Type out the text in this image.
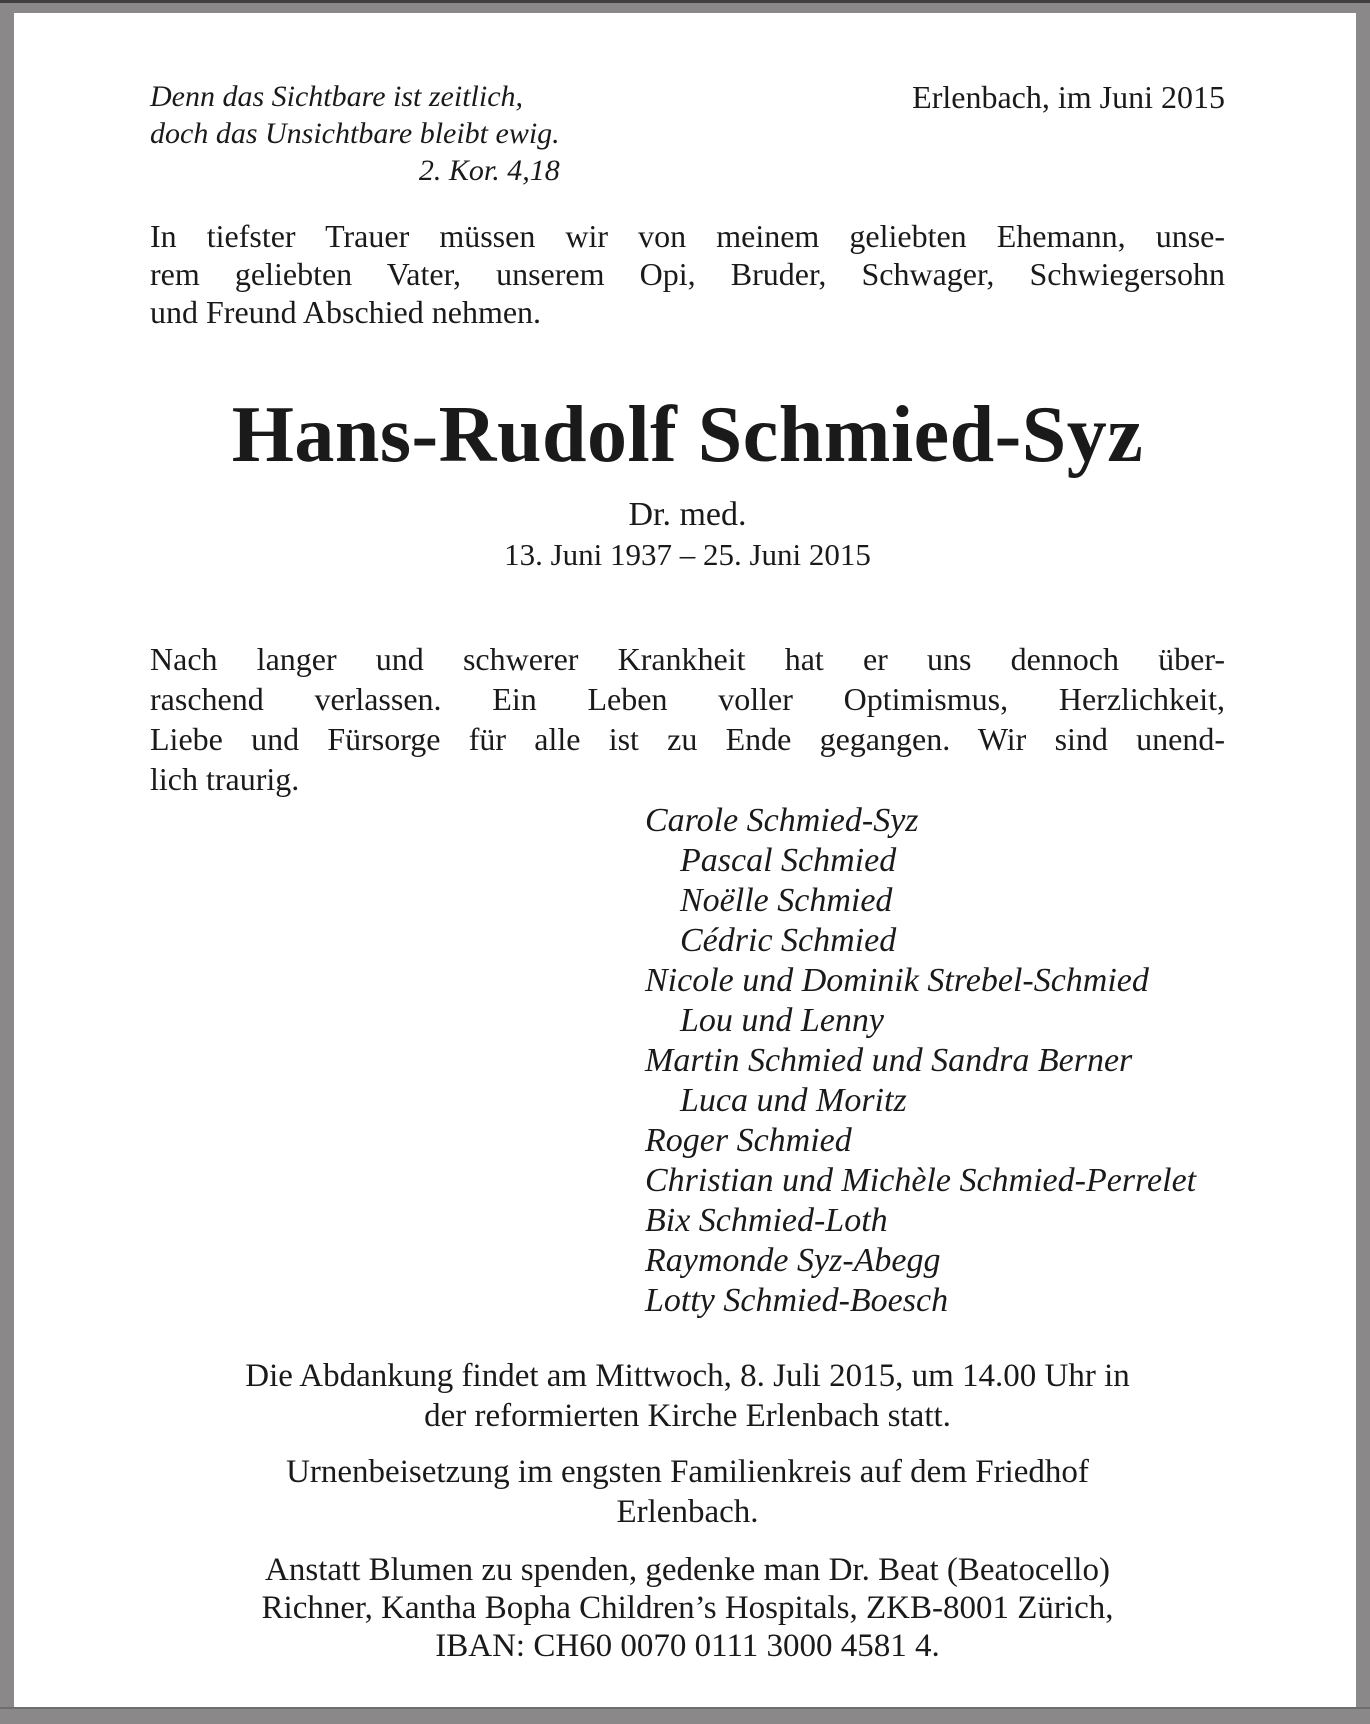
Denn das Sichtbare ist zeitlich,
doch das Unsichtbare bleibt ewig.
2. Kor. 4,18
Erlenbach, im Juni 2015
In tiefster Trauer müssen wir von meinem geliebten Ehemann, unse-
rem geliebten Vater, unserem Opi, Bruder, Schwager, Schwiegersohn
und Freund Abschied nehmen.
Hans-Rudolf Schmied-Syz
Dr. med.
13. Juni 1937 – 25. Juni 2015
Nach langer und schwerer Krankheit hat er uns dennoch über-
raschend verlassen. Ein Leben voller Optimismus, Herzlichkeit,
Liebe und Fürsorge für alle ist zu Ende gegangen. Wir sind unend-
lich traurig.
Carole Schmied-Syz
Pascal Schmied
Noëlle Schmied
Cédric Schmied
Nicole und Dominik Strebel-Schmied
Lou und Lenny
Martin Schmied und Sandra Berner
Luca und Moritz
Roger Schmied
Christian und Michèle Schmied-Perrelet
Bix Schmied-Loth
Raymonde Syz-Abegg
Lotty Schmied-Boesch
Die Abdankung findet am Mittwoch, 8. Juli 2015, um 14.00 Uhr in
der reformierten Kirche Erlenbach statt.
Urnenbeisetzung im engsten Familienkreis auf dem Friedhof
Erlenbach.
Anstatt Blumen zu spenden, gedenke man Dr. Beat (Beatocello)
Richner, Kantha Bopha Children’s Hospitals, ZKB-8001 Zürich,
IBAN: CH60 0070 0111 3000 4581 4.
